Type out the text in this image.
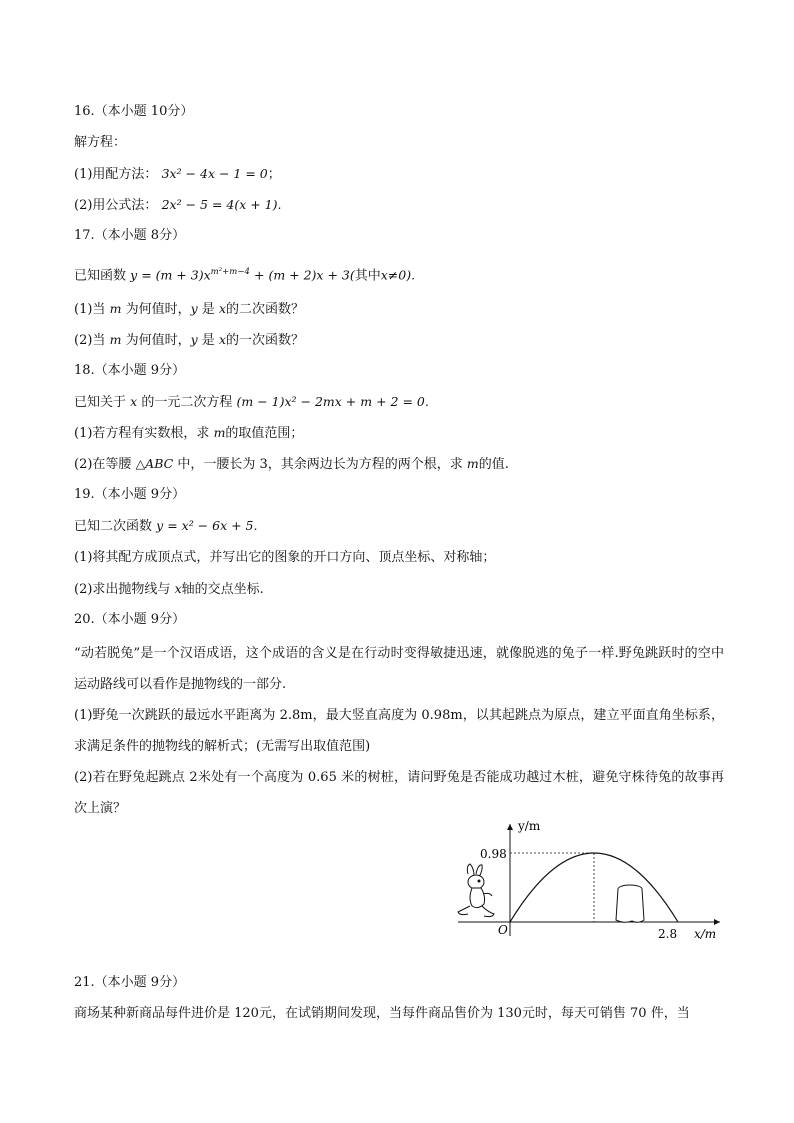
16.（本小题 10分）
解方程：
(1)用配方法： 3x² − 4x − 1 = 0；
(2)用公式法： 2x² − 5 = 4(x + 1).
17.（本小题 8分）
已知函数 $y = (m + 3)x^{m^2+m-4} + (m + 2)x + 3$(其中x≠0).
(1)当 m 为何值时，y 是 x的二次函数？
(2)当 m 为何值时，y 是 x的一次函数？
18.（本小题 9分）
已知关于 x 的一元二次方程 (m − 1)x² − 2mx + m + 2 = 0.
(1)若方程有实数根，求 m的取值范围；
(2)在等腰 △ABC 中，一腰长为 3，其余两边长为方程的两个根，求 m的值.
19.（本小题 9分）
已知二次函数 y = x² − 6x + 5.
(1)将其配方成顶点式，并写出它的图象的开口方向、顶点坐标、对称轴；
(2)求出抛物线与 x轴的交点坐标.
20.（本小题 9分）
“动若脱兔”是一个汉语成语，这个成语的含义是在行动时变得敏捷迅速，就像脱逃的兔子一样.野兔跳跃时的空中运动路线可以看作是抛物线的一部分.
(1)野兔一次跳跃的最远水平距离为 2.8m，最大竖直高度为 0.98m，以其起跳点为原点，建立平面直角坐标系，求满足条件的抛物线的解析式；(无需写出取值范围)
(2)若在野兔起跳点 2米处有一个高度为 0.65 米的树桩，请问野兔是否能成功越过木桩，避免守株待兔的故事再次上演？
y/m
x/m
O
0.98
2.8
21.（本小题 9分）
商场某种新商品每件进价是 120元，在试销期间发现，当每件商品售价为 130元时，每天可销售 70 件，当
